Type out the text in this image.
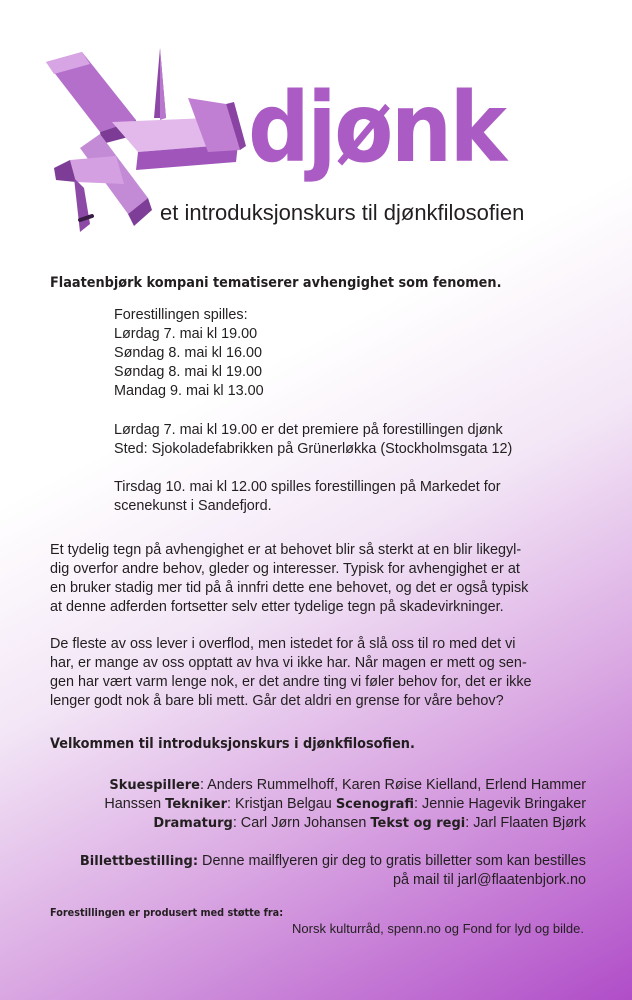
djønk

et introduksjonskurs til djønkfilosofien

Flaatenbjørk kompani tematiserer avhengighet som fenomen.
Forestillingen spilles:
Lørdag 7. mai kl 19.00
Søndag 8. mai kl 16.00
Søndag 8. mai kl 19.00
Mandag 9. mai kl 13.00
Lørdag 7. mai kl 19.00 er det premiere på forestillingen djønk
Sted: Sjokoladefabrikken på Grünerløkka (Stockholmsgata 12)
Tirsdag 10. mai kl 12.00 spilles forestillingen på Markedet for
scenekunst i Sandefjord.
Et tydelig tegn på avhengighet er at behovet blir så sterkt at en blir likegyl-
dig overfor andre behov, gleder og interesser. Typisk for avhengighet er at
en bruker stadig mer tid på å innfri dette ene behovet, og det er også typisk
at denne adferden fortsetter selv etter tydelige tegn på skadevirkninger.
De fleste av oss lever i overflod, men istedet for å slå oss til ro med det vi
har, er mange av oss opptatt av hva vi ikke har. Når magen er mett og sen-
gen har vært varm lenge nok, er det andre ting vi føler behov for, det er ikke
lenger godt nok å bare bli mett. Går det aldri en grense for våre behov?
Velkommen til introduksjonskurs i djønkfilosofien.
Skuespillere: Anders Rummelhoff, Karen Røise Kielland, Erlend Hammer
Hanssen Tekniker: Kristjan Belgau Scenografi: Jennie Hagevik Bringaker
Dramaturg: Carl Jørn Johansen Tekst og regi: Jarl Flaaten Bjørk
Billettbestilling: Denne mailflyeren gir deg to gratis billetter som kan bestilles
på mail til jarl@flaatenbjork.no

Forestillingen er produsert med støtte fra:

Norsk kulturråd, spenn.no og Fond for lyd og bilde.
